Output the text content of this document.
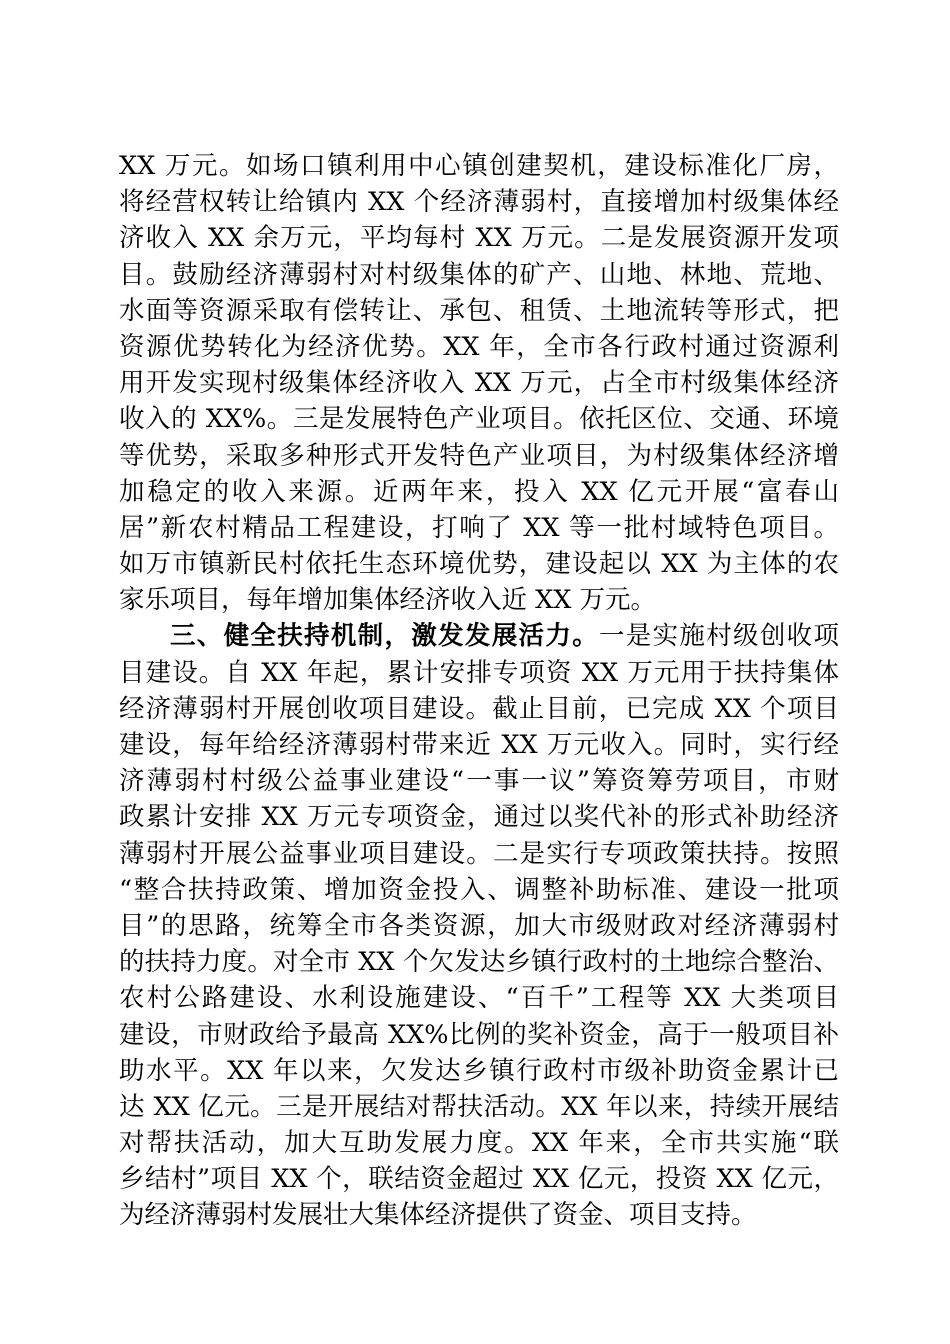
XX 万元。如场口镇利用中心镇创建契机，建设标准化厂房，
将经营权转让给镇内 XX 个经济薄弱村，直接增加村级集体经
济收入 XX 余万元，平均每村 XX 万元。二是发展资源开发项
目。鼓励经济薄弱村对村级集体的矿产、山地、林地、荒地、
水面等资源采取有偿转让、承包、租赁、土地流转等形式，把
资源优势转化为经济优势。XX 年，全市各行政村通过资源利
用开发实现村级集体经济收入 XX 万元，占全市村级集体经济
收入的 XX%。三是发展特色产业项目。依托区位、交通、环境
等优势，采取多种形式开发特色产业项目，为村级集体经济增
加稳定的收入来源。近两年来，投入 XX 亿元开展“富春山
居”新农村精品工程建设，打响了 XX 等一批村域特色项目。
如万市镇新民村依托生态环境优势，建设起以 XX 为主体的农
家乐项目，每年增加集体经济收入近 XX 万元。
三、健全扶持机制，激发发展活力。一是实施村级创收项
目建设。自 XX 年起，累计安排专项资 XX 万元用于扶持集体
经济薄弱村开展创收项目建设。截止目前，已完成 XX 个项目
建设，每年给经济薄弱村带来近 XX 万元收入。同时，实行经
济薄弱村村级公益事业建设“一事一议”筹资筹劳项目，市财
政累计安排 XX 万元专项资金，通过以奖代补的形式补助经济
薄弱村开展公益事业项目建设。二是实行专项政策扶持。按照
“整合扶持政策、增加资金投入、调整补助标准、建设一批项
目”的思路，统筹全市各类资源，加大市级财政对经济薄弱村
的扶持力度。对全市 XX 个欠发达乡镇行政村的土地综合整治、
农村公路建设、水利设施建设、“百千”工程等 XX 大类项目
建设，市财政给予最高 XX%比例的奖补资金，高于一般项目补
助水平。XX 年以来，欠发达乡镇行政村市级补助资金累计已
达 XX 亿元。三是开展结对帮扶活动。XX 年以来，持续开展结
对帮扶活动，加大互助发展力度。XX 年来，全市共实施“联
乡结村”项目 XX 个，联结资金超过 XX 亿元，投资 XX 亿元，
为经济薄弱村发展壮大集体经济提供了资金、项目支持。
